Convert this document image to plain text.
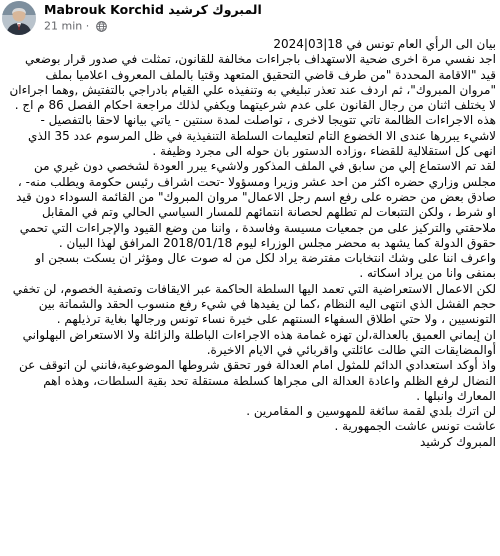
Mabrouk Korchid المبروك كرشيد
21 min ·

بيان الى الرأي العام تونس في 18|03|2024

اجد نفسي مرة اخرى ضحية الاستهداف باجراءات مخالفة للقانون، تمثلت في صدور قرار بوضعي قيد "الاقامة المحددة "من طرف قاضي التحقيق المتعهد وقتيا بالملف المعروف اعلاميا بملف "مروان المبروك"، ثم اردف عند تعذر تبليغي به وتنفيذه علي القيام بادراجي بالتفتيش ,وهما اجراءان لا يختلف اثنان من رجال القانون على عدم شرعيتهما ويكفي لذلك مراجعة احكام الفصل 86 م اج .

هذه الاجراءات الظالمة تاتي تتويجا لاخرى ، تواصلت لمدة سنتين - ياتي بيانها لاحقا بالتفصيل - لاشيء يبررها عندى الا الخضوع التام لتعليمات السلطة التنفيذية في ظل المرسوم عدد 35 الذي انهى كل استقلالية للقضاء ،وزاده الدستور بان حوله الى مجرد وظيفة .

لقد تم الاستماع إلي من سابق في الملف المذكور ولاشيء يبرر العودة لشخصي دون غيري من مجلس وزاري حضره اكثر من احد عشر وزيرا ومسؤولا -تحت اشراف رئيس حكومة ويطلب منه- ، صادق بعض من حضره على رفع اسم رجل الاعمال" مروان المبروك" من القائمة السوداء دون قيد او شرط ، ولكن التتبعات لم تطلهم لحصانة انتمائهم للمسار السياسي الحالي وتم في المقابل ملاحقتي والتركيز على من جمعيات مسيسة وفاسدة ، واننا من وضع القيود والإجراءات التي تحمي حقوق الدولة كما يشهد به محضر مجلس الوزراء ليوم 2018/01/18 المرافق لهذا البيان .

واعرف اننا على وشك انتخابات مفترضة يراد لكل من له صوت عال ومؤثر ان يسكت بسجن او بمنفى وانا من يراد اسكاته .

لكن الاعمال الاستعراضية التي تعمد اليها السلطة الحاكمة عبر الايقافات وتصفية الخصوم، لن تخفي حجم الفشل الذي انتهى اليه النظام ،كما لن يفيدها في شيء رفع منسوب الحقد والشماتة بين التونسيين ، ولا حتي اطلاق السفهاء السنتهم على خيرة نساء تونس ورجالها بغاية ترذيلهم .

ان إيماني العميق بالعدالة،لن تهزه غمامة هذه الاجراءات الباطلة والزائلة ولا الاستعراض البهلواني أوالمضايقات التي طالت عائلتي واقربائي في الايام الاخيرة.

واذ أوكد استعدادي الدائم للمثول امام العدالة فور تحقق شروطها الموضوعية،فانني لن اتوقف عن النضال لرفع الظلم واعادة العدالة الى مجراها كسلطة مستقلة تحد بقية السلطات، وهذه اهم المعارك وانبلها .

لن اترك بلدي لقمة سائغة للمهوسين و المقامرين .

عاشت تونس عاشت الجمهورية .

المبروك كرشيد
